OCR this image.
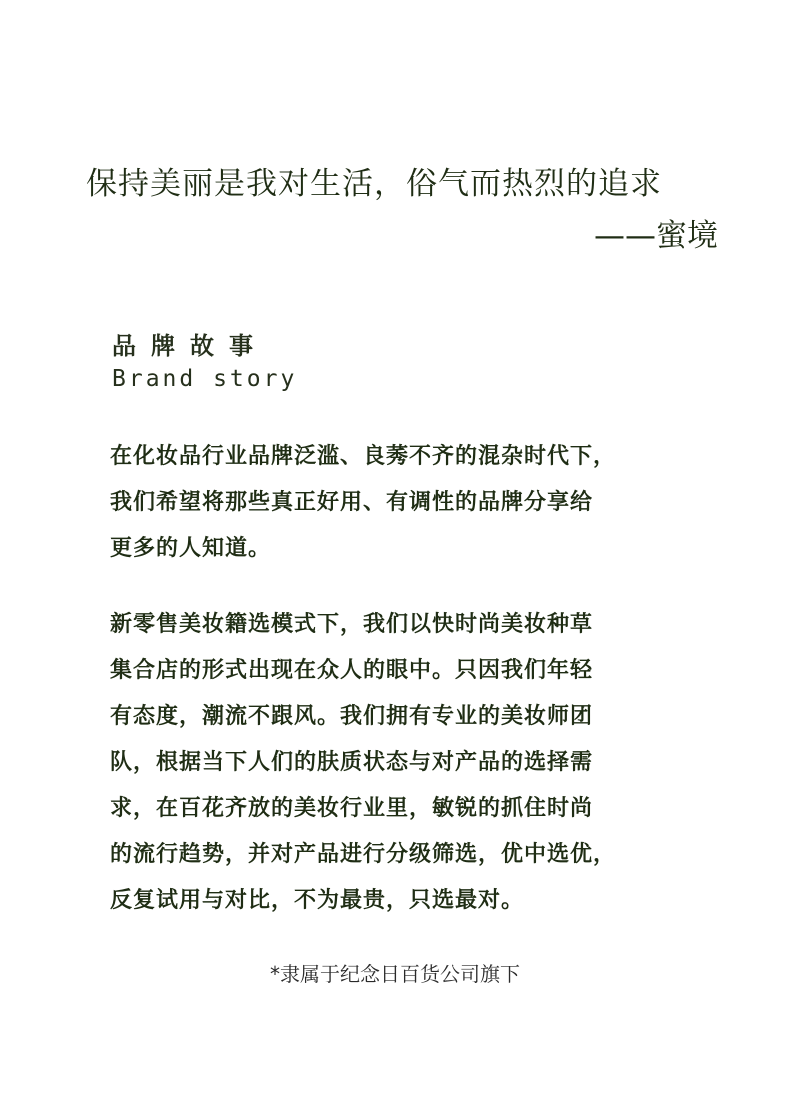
保持美丽是我对生活，俗气而热烈的追求
——蜜境
品牌故事
Brand story
在化妆品行业品牌泛滥、良莠不齐的混杂时代下，
我们希望将那些真正好用、有调性的品牌分享给
更多的人知道。
新零售美妆籍选模式下，我们以快时尚美妆种草
集合店的形式出现在众人的眼中。只因我们年轻
有态度，潮流不跟风。我们拥有专业的美妆师团
队，根据当下人们的肤质状态与对产品的选择需
求，在百花齐放的美妆行业里，敏锐的抓住时尚
的流行趋势，并对产品进行分级筛选，优中选优，
反复试用与对比，不为最贵，只选最对。
*隶属于纪念日百货公司旗下
